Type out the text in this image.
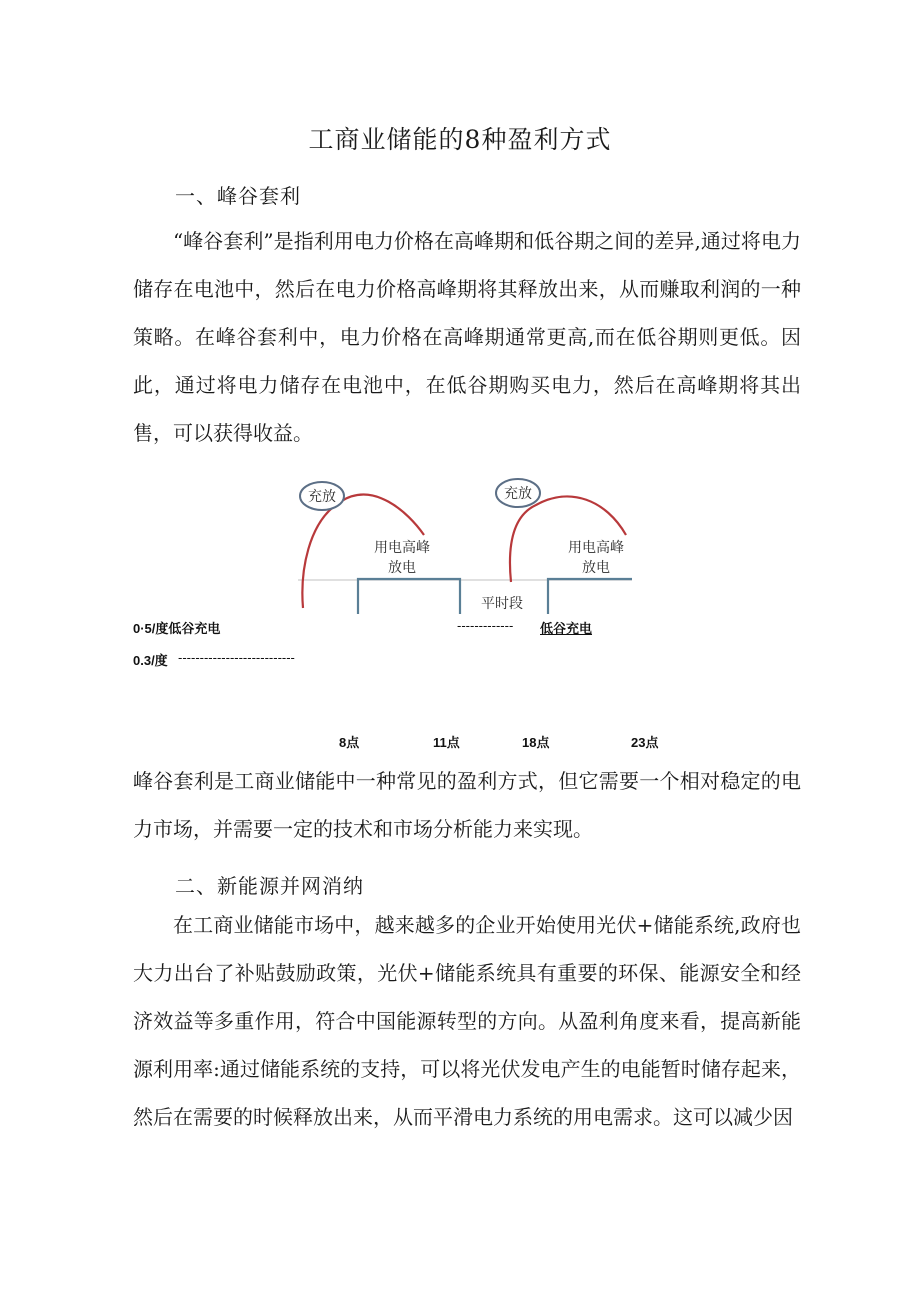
工商业储能的8种盈利方式
一、峰谷套利

“峰谷套利”是指利用电力价格在高峰期和低谷期之间的差异,通过将电力储存在电池中，然后在电力价格高峰期将其释放出来，从而赚取利润的一种策略。在峰谷套利中，电力价格在高峰期通常更高,而在低谷期则更低。因此，通过将电力储存在电池中，在低谷期购买电力，然后在高峰期将其出售，可以获得收益。

充放	充放
用电高峰
放电
用电高峰
放电
平时段
0·5/度低谷充电	------------- 低谷充电
0.3/度 ---------------------------
8点	11点	18点	23点

峰谷套利是工商业储能中一种常见的盈利方式，但它需要一个相对稳定的电力市场，并需要一定的技术和市场分析能力来实现。

二、新能源并网消纳

在工商业储能市场中，越来越多的企业开始使用光伏+储能系统,政府也大力出台了补贴鼓励政策，光伏+储能系统具有重要的环保、能源安全和经济效益等多重作用，符合中国能源转型的方向。从盈利角度来看，提高新能源利用率:通过储能系统的支持，可以将光伏发电产生的电能暂时储存起来，然后在需要的时候释放出来，从而平滑电力系统的用电需求。这可以减少因
